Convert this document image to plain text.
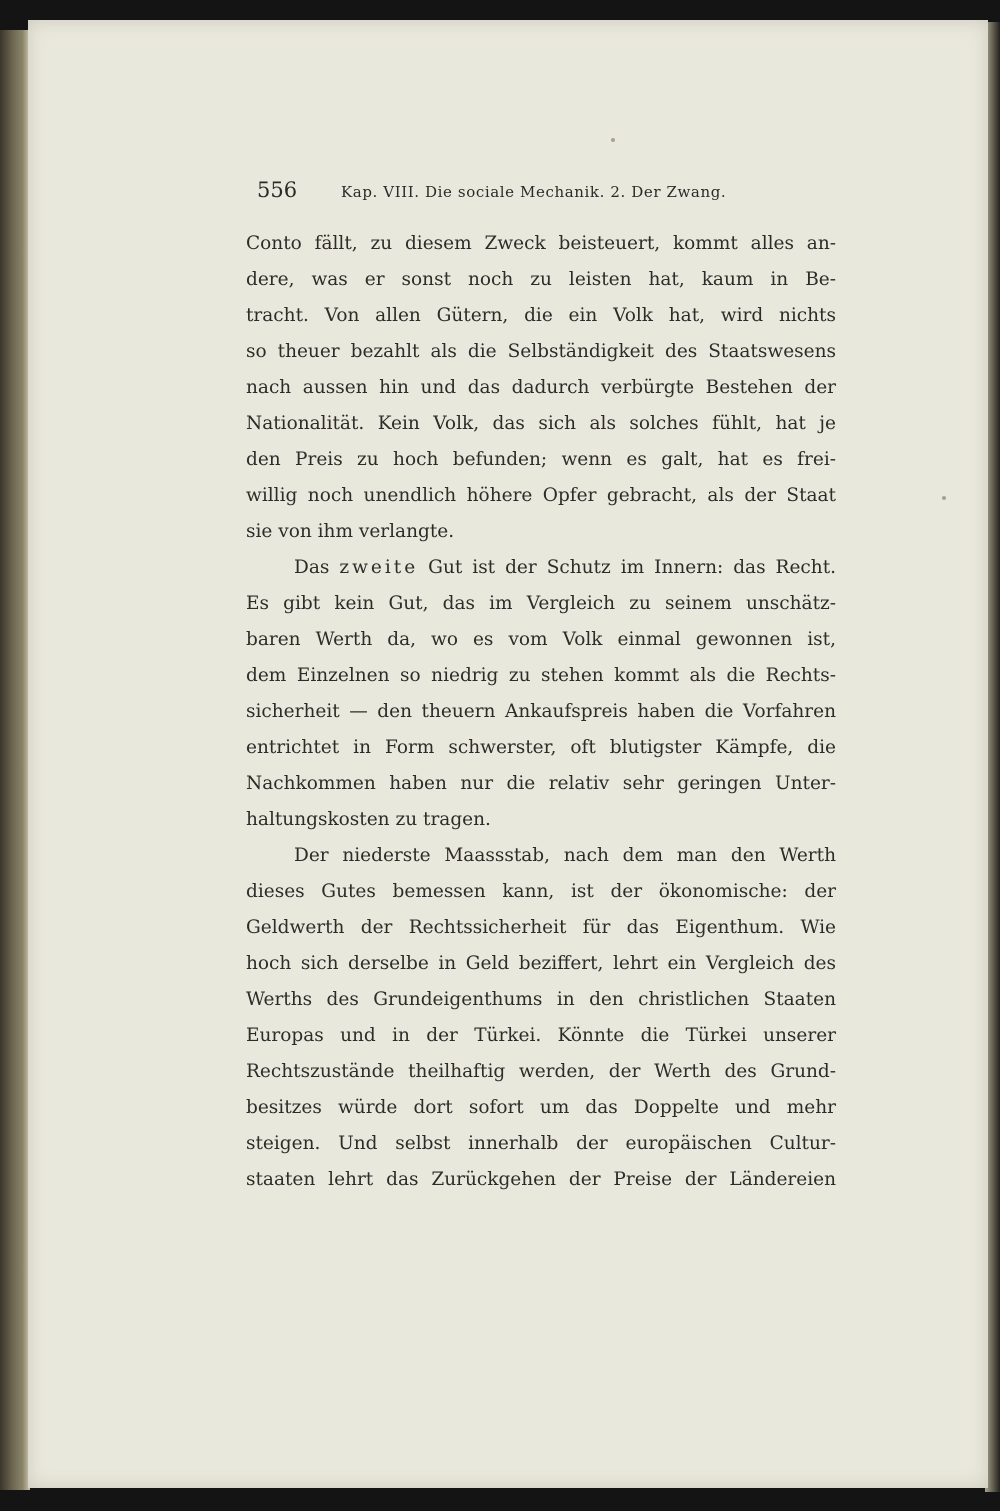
556	Kap. VIII. Die sociale Mechanik. 2. Der Zwang.
Conto fällt, zu diesem Zweck beisteuert, kommt alles an-
dere, was er sonst noch zu leisten hat, kaum in Be-
tracht. Von allen Gütern, die ein Volk hat, wird nichts
so theuer bezahlt als die Selbständigkeit des Staatswesens
nach aussen hin und das dadurch verbürgte Bestehen der
Nationalität. Kein Volk, das sich als solches fühlt, hat je
den Preis zu hoch befunden; wenn es galt, hat es frei-
willig noch unendlich höhere Opfer gebracht, als der Staat
sie von ihm verlangte.
Das zweite Gut ist der Schutz im Innern: das Recht.
Es gibt kein Gut, das im Vergleich zu seinem unschätz-
baren Werth da, wo es vom Volk einmal gewonnen ist,
dem Einzelnen so niedrig zu stehen kommt als die Rechts-
sicherheit — den theuern Ankaufspreis haben die Vorfahren
entrichtet in Form schwerster, oft blutigster Kämpfe, die
Nachkommen haben nur die relativ sehr geringen Unter-
haltungskosten zu tragen.
Der niederste Maassstab, nach dem man den Werth
dieses Gutes bemessen kann, ist der ökonomische: der
Geldwerth der Rechtssicherheit für das Eigenthum. Wie
hoch sich derselbe in Geld beziffert, lehrt ein Vergleich des
Werths des Grundeigenthums in den christlichen Staaten
Europas und in der Türkei. Könnte die Türkei unserer
Rechtszustände theilhaftig werden, der Werth des Grund-
besitzes würde dort sofort um das Doppelte und mehr
steigen. Und selbst innerhalb der europäischen Cultur-
staaten lehrt das Zurückgehen der Preise der Ländereien
